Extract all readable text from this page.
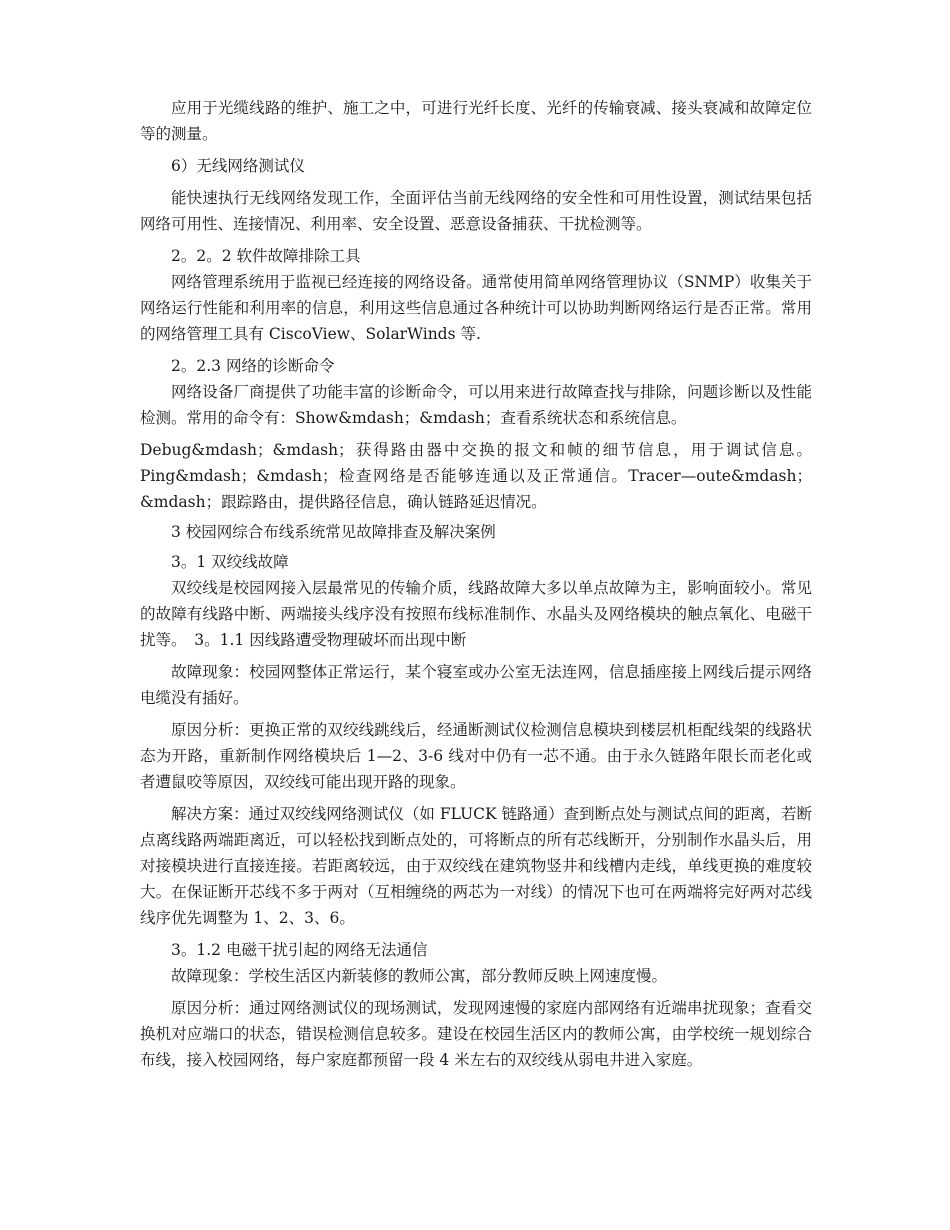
应用于光缆线路的维护、施工之中，可进行光纤长度、光纤的传输衰减、接头衰减和故障定位等的测量。

6）无线网络测试仪

能快速执行无线网络发现工作，全面评估当前无线网络的安全性和可用性设置，测试结果包括网络可用性、连接情况、利用率、安全设置、恶意设备捕获、干扰检测等。

2。2。2 软件故障排除工具

网络管理系统用于监视已经连接的网络设备。通常使用简单网络管理协议（SNMP）收集关于网络运行性能和利用率的信息，利用这些信息通过各种统计可以协助判断网络运行是否正常。常用的网络管理工具有 CiscoView、SolarWinds 等.

2。2.3 网络的诊断命令

网络设备厂商提供了功能丰富的诊断命令，可以用来进行故障查找与排除，问题诊断以及性能检测。常用的命令有：Show&mdash；&mdash；查看系统状态和系统信息。

Debug&mdash；&mdash；获得路由器中交换的报文和帧的细节信息，用于调试信息。Ping&mdash；&mdash；检查网络是否能够连通以及正常通信。Tracer—oute&mdash；&mdash；跟踪路由，提供路径信息，确认链路延迟情况。

3 校园网综合布线系统常见故障排查及解决案例

3。1 双绞线故障

双绞线是校园网接入层最常见的传输介质，线路故障大多以单点故障为主，影响面较小。常见的故障有线路中断、两端接头线序没有按照布线标准制作、水晶头及网络模块的触点氧化、电磁干扰等。　3。1.1 因线路遭受物理破坏而出现中断

故障现象：校园网整体正常运行，某个寝室或办公室无法连网，信息插座接上网线后提示网络电缆没有插好。

原因分析：更换正常的双绞线跳线后，经通断测试仪检测信息模块到楼层机柜配线架的线路状态为开路，重新制作网络模块后 1—2、3-6 线对中仍有一芯不通。由于永久链路年限长而老化或者遭鼠咬等原因，双绞线可能出现开路的现象。

解决方案：通过双绞线网络测试仪（如 FLUCK 链路通）查到断点处与测试点间的距离，若断点离线路两端距离近，可以轻松找到断点处的，可将断点的所有芯线断开，分别制作水晶头后，用对接模块进行直接连接。若距离较远，由于双绞线在建筑物竖井和线槽内走线，单线更换的难度较大。在保证断开芯线不多于两对（互相缠绕的两芯为一对线）的情况下也可在两端将完好两对芯线线序优先调整为 1、2、3、6。

3。1.2 电磁干扰引起的网络无法通信

故障现象：学校生活区内新装修的教师公寓，部分教师反映上网速度慢。

原因分析：通过网络测试仪的现场测试，发现网速慢的家庭内部网络有近端串扰现象；查看交换机对应端口的状态，错误检测信息较多。建设在校园生活区内的教师公寓，由学校统一规划综合布线，接入校园网络，每户家庭都预留一段 4 米左右的双绞线从弱电井进入家庭。
